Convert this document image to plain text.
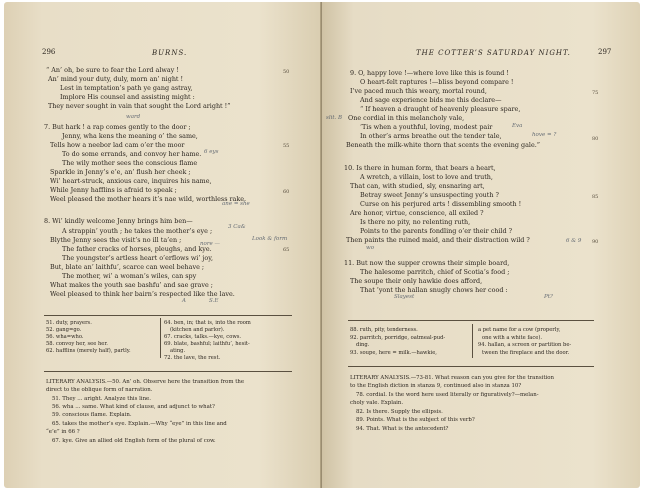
296	BURNS.
“ An’ oh, be sure to fear the Lord alway !
An’ mind your duty, duly, morn an’ night !
Lest in temptation’s path ye gang astray,
Implore His counsel and assisting might :
They never sought in vain that sought the Lord aright !”
7. But hark ! a rap comes gently to the door ;
Jenny, wha kens the meaning o’ the same,
Tells how a neebor lad cam o’er the moor
To do some errands, and convoy her hame.
The wily mother sees the conscious flame
Sparkle in Jenny’s e’e, an’ flush her cheek ;
Wi’ heart-struck, anxious care, inquires his name,
While Jenny hafflins is afraid to speak ;
Weel pleased the mother hears it’s nae wild, worthless rake.
8. Wi’ kindly welcome Jenny brings him ben—
A strappin’ youth ; he takes the mother’s eye ;
Blythe Jenny sees the visit’s no ill ta’en ;
The father cracks of horses, pleughs, and kye.
The youngster’s artless heart o’erflows wi’ joy,
But, blate an’ laithfu’, scarce can weel behave ;
The mother, wi’ a woman’s wiles, can spy
What makes the youth sae bashfu’ and sae grave ;
Weel pleased to think her bairn’s respected like the lave.
50
55
60
65
ward
6 eys
ane = she
3 Ca&
Look & form
nore —
A	S.E
51. duty, prayers.
52. gang=go.
56. wha=who.
58. convoy her, see her.
62. hafflins (merely half), partly.
64. ben, in; that is, into the room
(kitchen and parlor).
67. cracks, talks.—kye, cows.
69. blate, bashful; laithfu’, hesit-
ating.
72. the lave, the rest.
LITERARY ANALYSIS.—50. An’ oh. Observe here the transition from the
direct to the oblique form of narration.
51. They ... aright. Analyze this line.
56. wha ... same. What kind of clause, and adjunct to what?
59. conscious flame. Explain.
65. takes the mother’s eye. Explain.—Why “eye” in this line and
“e’e” in 66 ?
67. kye. Give an allied old English form of the plural of cow.
THE COTTER’S SATURDAY NIGHT.	297
9. O, happy love !—where love like this is found !
O heart-felt raptures !—bliss beyond compare !
I’ve paced much this weary, mortal round,
And sage experience bids me this declare—
“ If heaven a draught of heavenly pleasure spare,
One cordial in this melancholy vale,
’Tis when a youthful, loving, modest pair
In other’s arms breathe out the tender tale,
Beneath the milk-white thorn that scents the evening gale.”
10. Is there in human form, that bears a heart,
A wretch, a villain, lost to love and truth,
That can, with studied, sly, ensnaring art,
Betray sweet Jenny’s unsuspecting youth ?
Curse on his perjured arts ! dissembling smooth !
Are honor, virtue, conscience, all exiled ?
Is there no pity, no relenting ruth,
Points to the parents fondling o’er their child ?
Then paints the ruined maid, and their distraction wild ?
11. But now the supper crowns their simple board,
The halesome parritch, chief of Scotia’s food ;
The soupe their only hawkie does afford,
That ’yont the hallan snugly chows her cood :
75
80
85
90
slit. B
Eva
hove = ?
6 & 9
wo
Slayest	Pt?
88. ruth, pity, tenderness.
92. parritch, porridge, oatmeal-pud-
ding.
93. soupe, here = milk.—hawkie,
a pet name for a cow (properly,
one with a white face).
94. hallan, a screen or partition be-
tween the fireplace and the door.
LITERARY ANALYSIS.—73-81. What reason can you give for the transition
to the English diction in stanza 9, continued also in stanza 10?
78. cordial. Is the word here used literally or figuratively?—melan-
choly vale. Explain.
82. Is there. Supply the ellipsis.
89. Points. What is the subject of this verb?
94. That. What is the antecedent?
